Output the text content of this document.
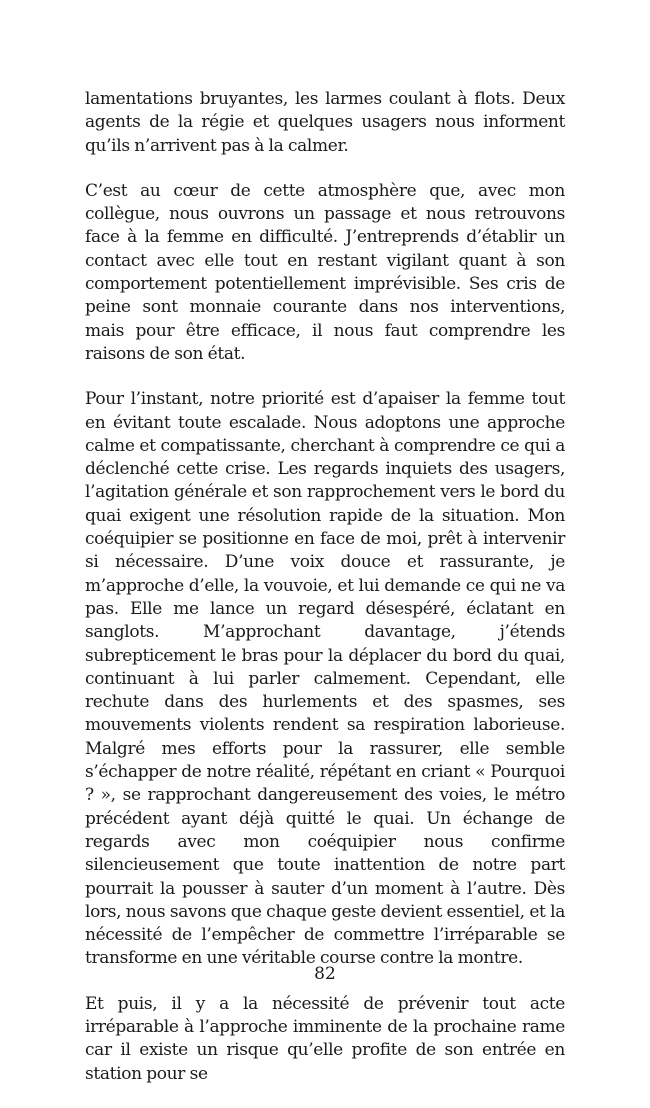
lamentations bruyantes, les larmes coulant à flots. Deux agents de la régie et quelques usagers nous informent qu’ils n’arrivent pas à la calmer.

C’est au cœur de cette atmosphère que, avec mon collègue, nous ouvrons un passage et nous retrouvons face à la femme en difficulté. J’entreprends d’établir un contact avec elle tout en restant vigilant quant à son comportement potentiellement imprévisible. Ses cris de peine sont monnaie courante dans nos interventions, mais pour être efficace, il nous faut comprendre les raisons de son état.

Pour l’instant, notre priorité est d’apaiser la femme tout en évitant toute escalade. Nous adoptons une approche calme et compatissante, cherchant à comprendre ce qui a déclenché cette crise. Les regards inquiets des usagers, l’agitation générale et son rapprochement vers le bord du quai exigent une résolution rapide de la situation. Mon coéquipier se positionne en face de moi, prêt à intervenir si nécessaire. D’une voix douce et rassurante, je m’approche d’elle, la vouvoie, et lui demande ce qui ne va pas. Elle me lance un regard désespéré, éclatant en sanglots. M’approchant davantage, j’étends subrepticement le bras pour la déplacer du bord du quai, continuant à lui parler calmement. Cependant, elle rechute dans des hurlements et des spasmes, ses mouvements violents rendent sa respiration laborieuse. Malgré mes efforts pour la rassurer, elle semble s’échapper de notre réalité, répétant en criant « Pourquoi ? », se rapprochant dangereusement des voies, le métro précédent ayant déjà quitté le quai. Un échange de regards avec mon coéquipier nous confirme silencieusement que toute inattention de notre part pourrait la pousser à sauter d’un moment à l’autre. Dès lors, nous savons que chaque geste devient essentiel, et la nécessité de l’empêcher de commettre l’irréparable se transforme en une véritable course contre la montre.

Et puis, il y a la nécessité de prévenir tout acte irréparable à l’approche imminente de la prochaine rame car il existe un risque qu’elle profite de son entrée en station pour se

82
